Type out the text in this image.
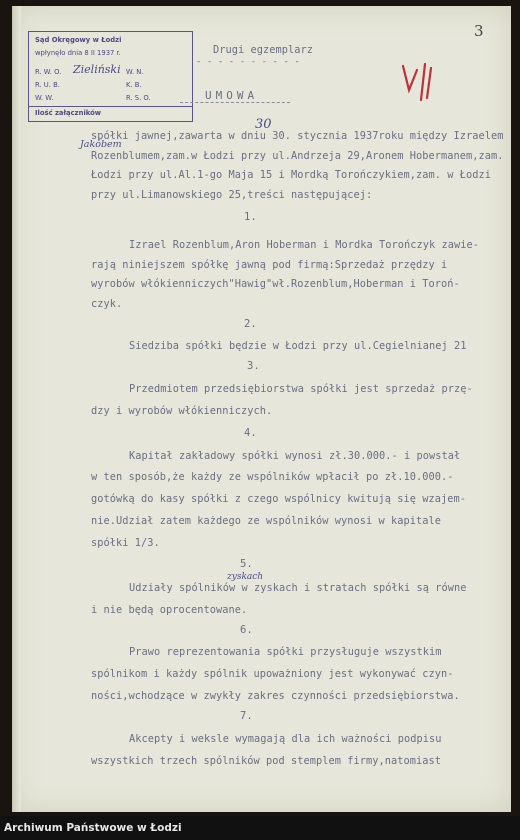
Sąd Okręgowy w Łodzi
wpłynęło dnia 8 II 1937 r.
R. W. O.	W. N.
R. U. B.	K. B.
W. W.	R. S. O.
Ilość załączników
Zieliński
3
Drugi egzemplarz
- - - - - - - - - -
UMOWA
Jakóbem
30
spółki jawnej,zawarta w dniu 30. stycznia 1937roku między Izraelem
Rozenblumem,zam.w Łodzi przy ul.Andrzeja 29,Aronem Hobermanem,zam.
Łodzi przy ul.Al.1-go Maja 15 i Mordką Torończykiem,zam. w Łodzi
przy ul.Limanowskiego 25,treści następującej:
1.
Izrael Rozenblum,Aron Hoberman i Mordka Torończyk zawie-
rają niniejszem spółkę jawną pod firmą:Sprzedaż przędzy i
wyrobów włókienniczych"Hawig"wł.Rozenblum,Hoberman i Toroń-
czyk.
2.
Siedziba spółki będzie w Łodzi przy ul.Cegielnianej 21
3.
Przedmiotem przedsiębiorstwa spółki jest sprzedaż przę-
dzy i wyrobów włókienniczych.
4.
Kapitał zakładowy spółki wynosi zł.30.000.- i powstał
w ten sposób,że każdy ze wspólników wpłacił po zł.10.000.-
gotówką do kasy spółki z czego wspólnicy kwitują się wzajem-
nie.Udział zatem każdego ze wspólników wynosi w kapitale
spółki 1/3.
5.
zyskach
Udziały spólników w zyskach i stratach spółki są równe
i nie będą oprocentowane.
6.
Prawo reprezentowania spółki przysługuje wszystkim
spólnikom i każdy spólnik upoważniony jest wykonywać czyn-
ności,wchodzące w zwykły zakres czynności przedsiębiorstwa.
7.
Akcepty i weksle wymagają dla ich ważności podpisu
wszystkich trzech spólników pod stemplem firmy,natomiast
Archiwum Państwowe w Łodzi
